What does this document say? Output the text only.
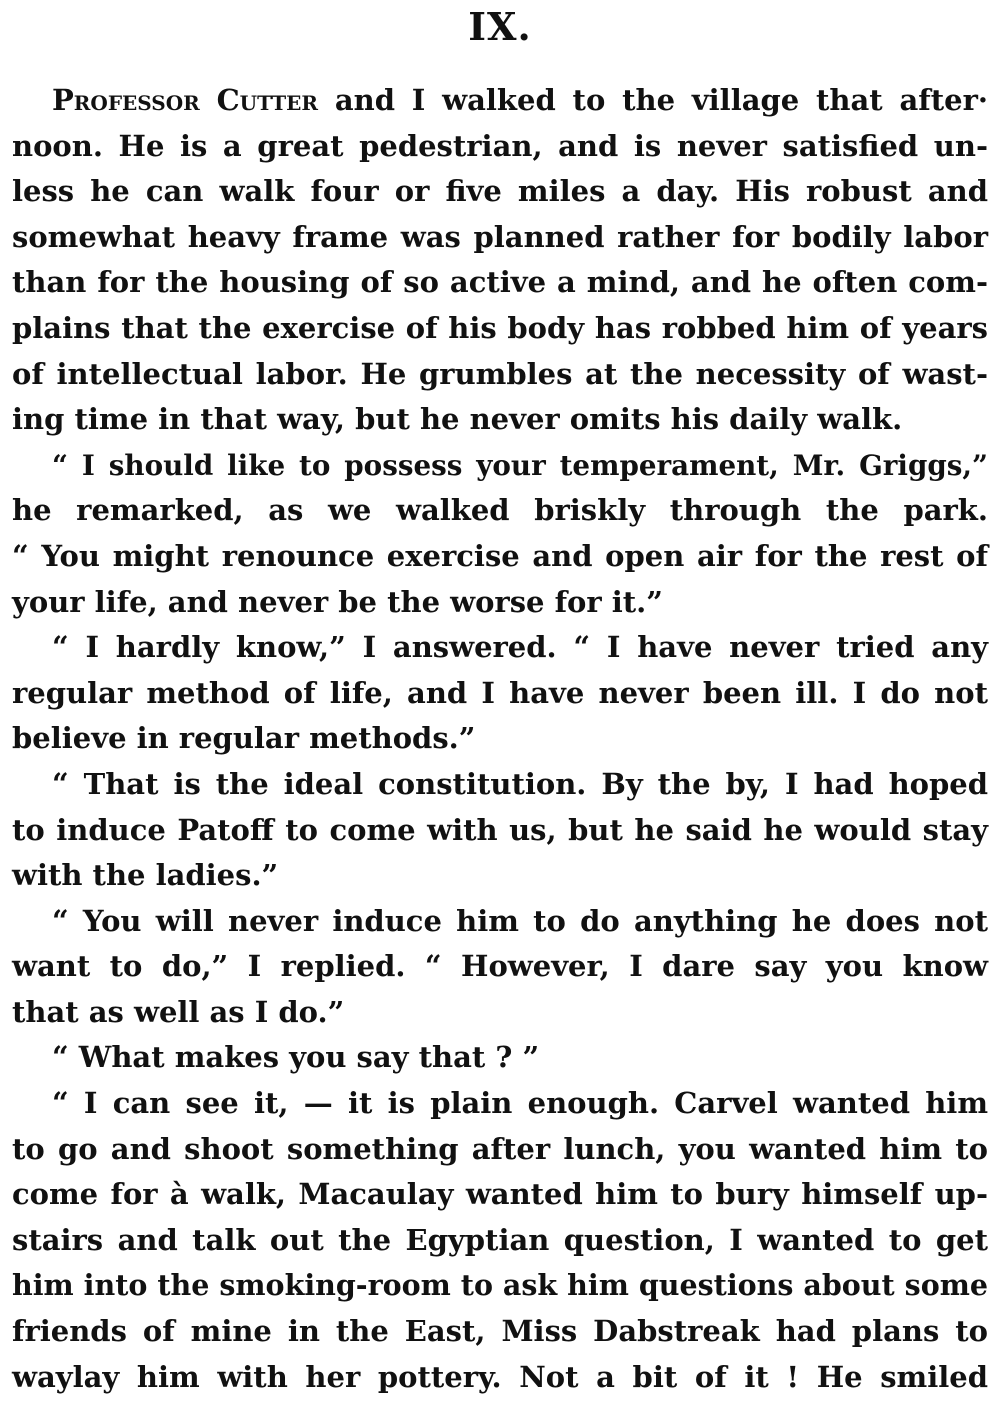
IX.
Professor Cutter and I walked to the village that after·
noon. He is a great pedestrian, and is never satisfied un-
less he can walk four or five miles a day. His robust and
somewhat heavy frame was planned rather for bodily labor
than for the housing of so active a mind, and he often com-
plains that the exercise of his body has robbed him of years
of intellectual labor. He grumbles at the necessity of wast-
ing time in that way, but he never omits his daily walk.
“ I should like to possess your temperament, Mr. Griggs,”
he remarked, as we walked briskly through the park.
“ You might renounce exercise and open air for the rest of
your life, and never be the worse for it.”
“ I hardly know,” I answered. “ I have never tried any
regular method of life, and I have never been ill. I do not
believe in regular methods.”
“ That is the ideal constitution. By the by, I had hoped
to induce Patoff to come with us, but he said he would stay
with the ladies.”
“ You will never induce him to do anything he does not
want to do,” I replied. “ However, I dare say you know
that as well as I do.”
“ What makes you say that ? ”
“ I can see it, — it is plain enough. Carvel wanted him
to go and shoot something after lunch, you wanted him to
come for à walk, Macaulay wanted him to bury himself up-
stairs and talk out the Egyptian question, I wanted to get
him into the smoking-room to ask him questions about some
friends of mine in the East, Miss Dabstreak had plans to
waylay him with her pottery. Not a bit of it ! He smiled
